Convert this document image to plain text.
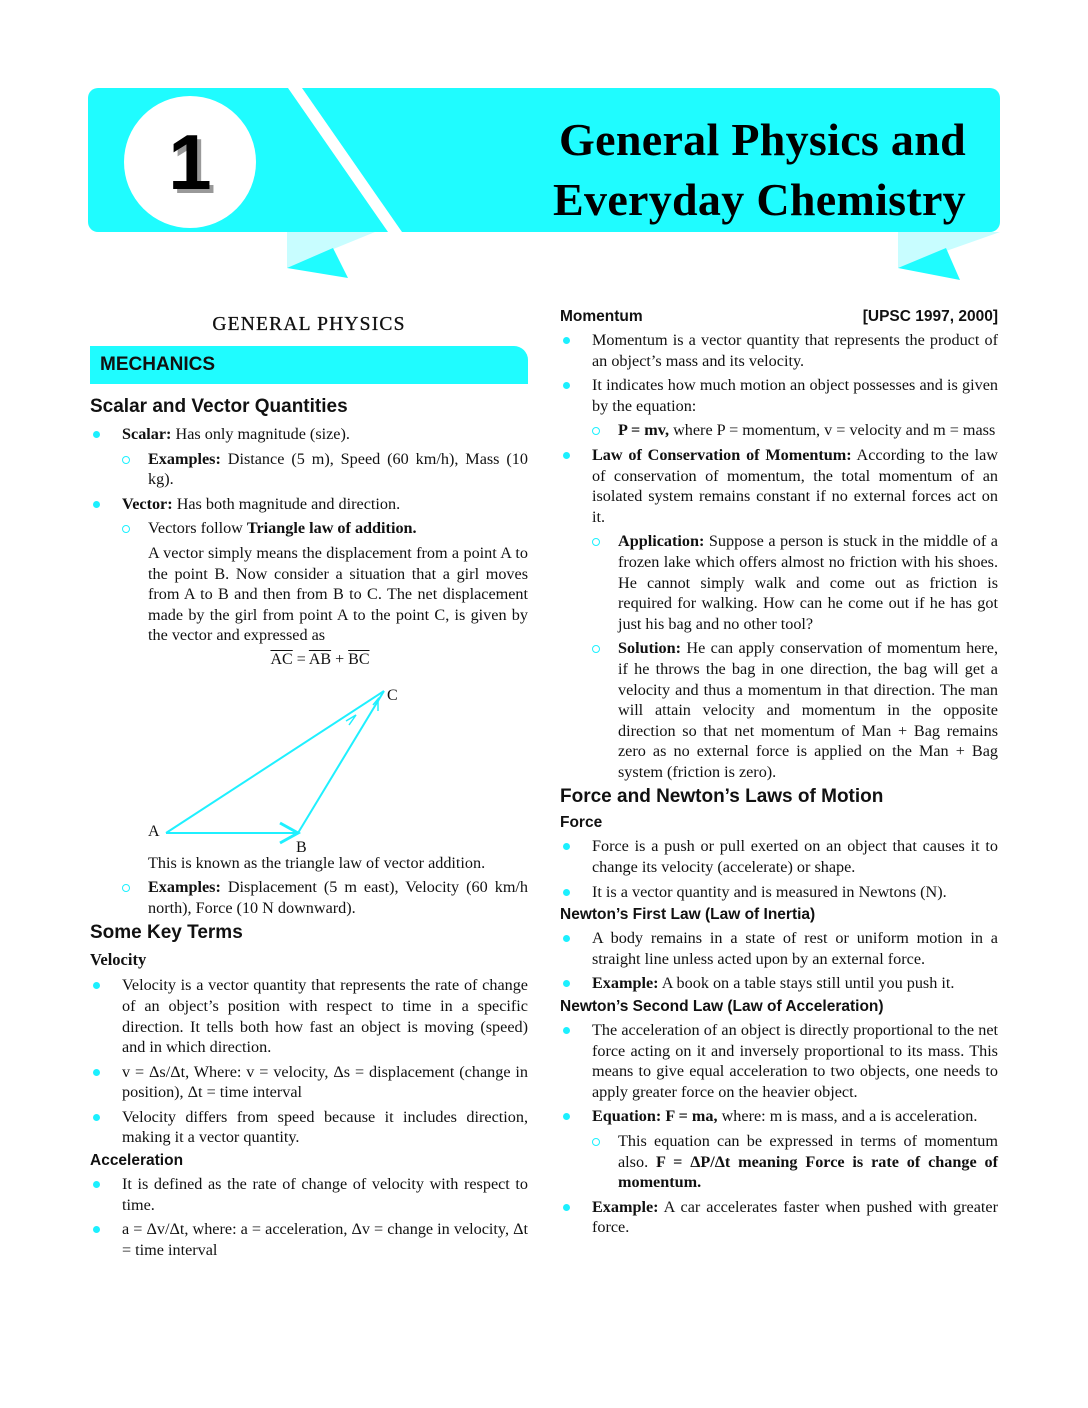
1	General Physics and
Everyday Chemistry
GENERAL PHYSICS
MECHANICS
Scalar and Vector Quantities
Scalar: Has only magnitude (size).
Examples: Distance (5 m), Speed (60 km/h), Mass (10 kg).
Vector: Has both magnitude and direction.
Vectors follow Triangle law of addition.
A vector simply means the displacement from a point A to the point B. Now consider a situation that a girl moves from A to B and then from B to C. The net displacement made by the girl from point A to the point C, is given by the vector and expressed as
$\overline{AC} = \overline{AB} + \overline{BC}$
A
B
C
This is known as the triangle law of vector addition.
Examples: Displacement (5 m east), Velocity (60 km/h north), Force (10 N downward).
Some Key Terms
Velocity
Velocity is a vector quantity that represents the rate of change of an object’s position with respect to time in a specific direction. It tells both how fast an object is moving (speed) and in which direction.
v = Δs/Δt, Where: v = velocity, Δs = displacement (change in position), Δt = time interval
Velocity differs from speed because it includes direction, making it a vector quantity.
Acceleration
It is defined as the rate of change of velocity with respect to time.
a = Δv/Δt, where: a = acceleration, Δv = change in velocity, Δt = time interval
Momentum	[UPSC 1997, 2000]
Momentum is a vector quantity that represents the product of an object’s mass and its velocity.
It indicates how much motion an object possesses and is given by the equation:
P = mv, where P = momentum, v = velocity and m = mass
Law of Conservation of Momentum: According to the law of conservation of momentum, the total momentum of an isolated system remains constant if no external forces act on it.
Application: Suppose a person is stuck in the middle of a frozen lake which offers almost no friction with his shoes. He cannot simply walk and come out as friction is required for walking. How can he come out if he has got just his bag and no other tool?
Solution: He can apply conservation of momentum here, if he throws the bag in one direction, the bag will get a velocity and thus a momentum in that direction. The man will attain velocity and momentum in the opposite direction so that net momentum of Man + Bag remains zero as no external force is applied on the Man + Bag system (friction is zero).
Force and Newton’s Laws of Motion
Force
Force is a push or pull exerted on an object that causes it to change its velocity (accelerate) or shape.
It is a vector quantity and is measured in Newtons (N).
Newton’s First Law (Law of Inertia)
A body remains in a state of rest or uniform motion in a straight line unless acted upon by an external force.
Example: A book on a table stays still until you push it.
Newton’s Second Law (Law of Acceleration)
The acceleration of an object is directly proportional to the net force acting on it and inversely proportional to its mass. This means to give equal acceleration to two objects, one needs to apply greater force on the heavier object.
Equation: F = ma, where: m is mass, and a is acceleration.
This equation can be expressed in terms of momentum also. F = ΔP/Δt meaning Force is rate of change of momentum.
Example: A car accelerates faster when pushed with greater force.
